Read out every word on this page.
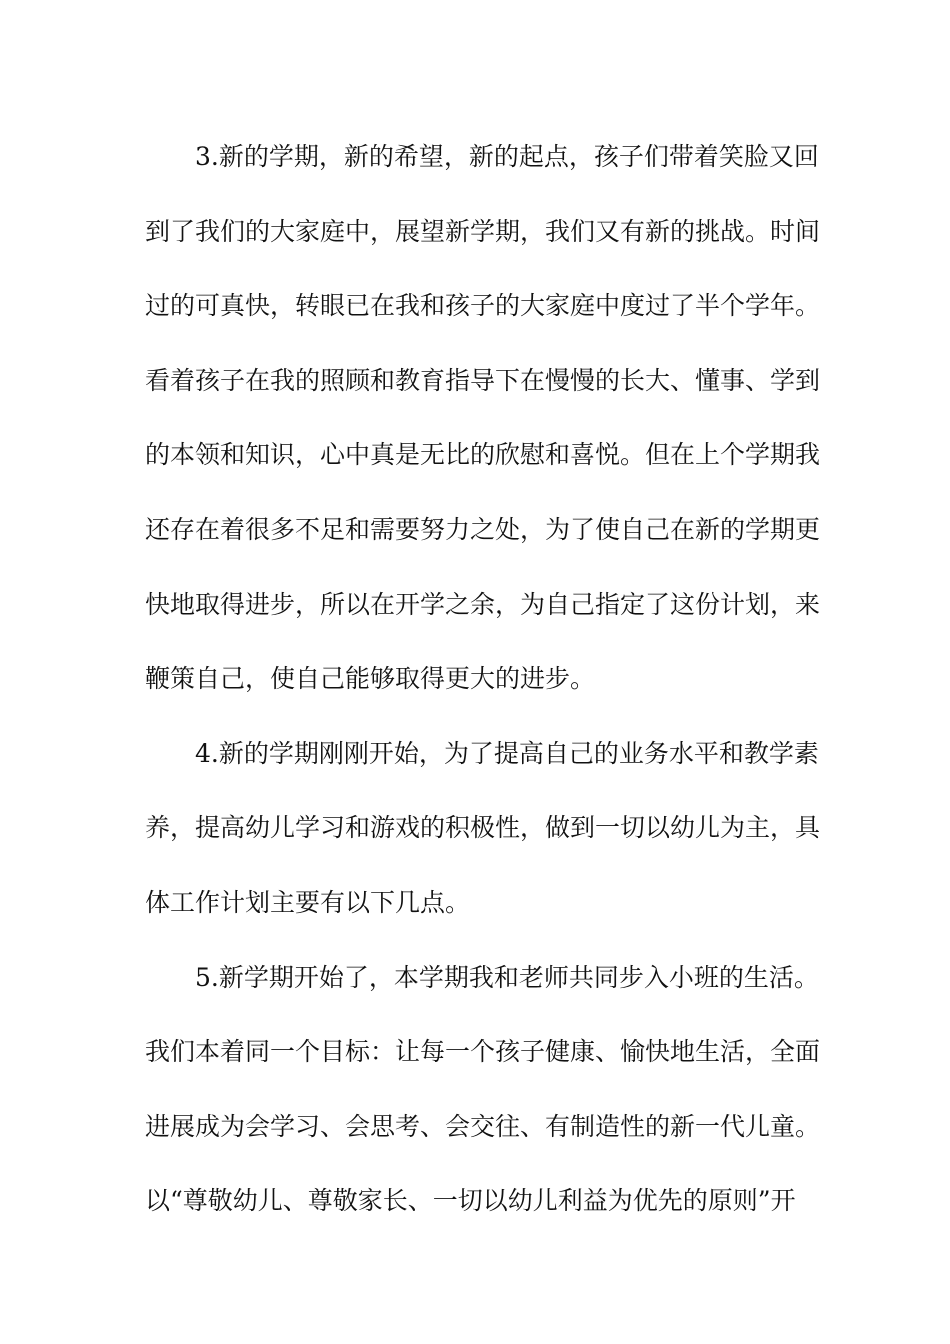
3.新的学期，新的希望，新的起点，孩子们带着笑脸又回
到了我们的大家庭中，展望新学期，我们又有新的挑战。时间
过的可真快，转眼已在我和孩子的大家庭中度过了半个学年。
看着孩子在我的照顾和教育指导下在慢慢的长大、懂事、学到
的本领和知识，心中真是无比的欣慰和喜悦。但在上个学期我
还存在着很多不足和需要努力之处，为了使自己在新的学期更
快地取得进步，所以在开学之余，为自己指定了这份计划，来
鞭策自己，使自己能够取得更大的进步。
4.新的学期刚刚开始，为了提高自己的业务水平和教学素
养，提高幼儿学习和游戏的积极性，做到一切以幼儿为主，具
体工作计划主要有以下几点。
5.新学期开始了，本学期我和老师共同步入小班的生活。
我们本着同一个目标：让每一个孩子健康、愉快地生活，全面
进展成为会学习、会思考、会交往、有制造性的新一代儿童。
以“尊敬幼儿、尊敬家长、一切以幼儿利益为优先的原则”开
